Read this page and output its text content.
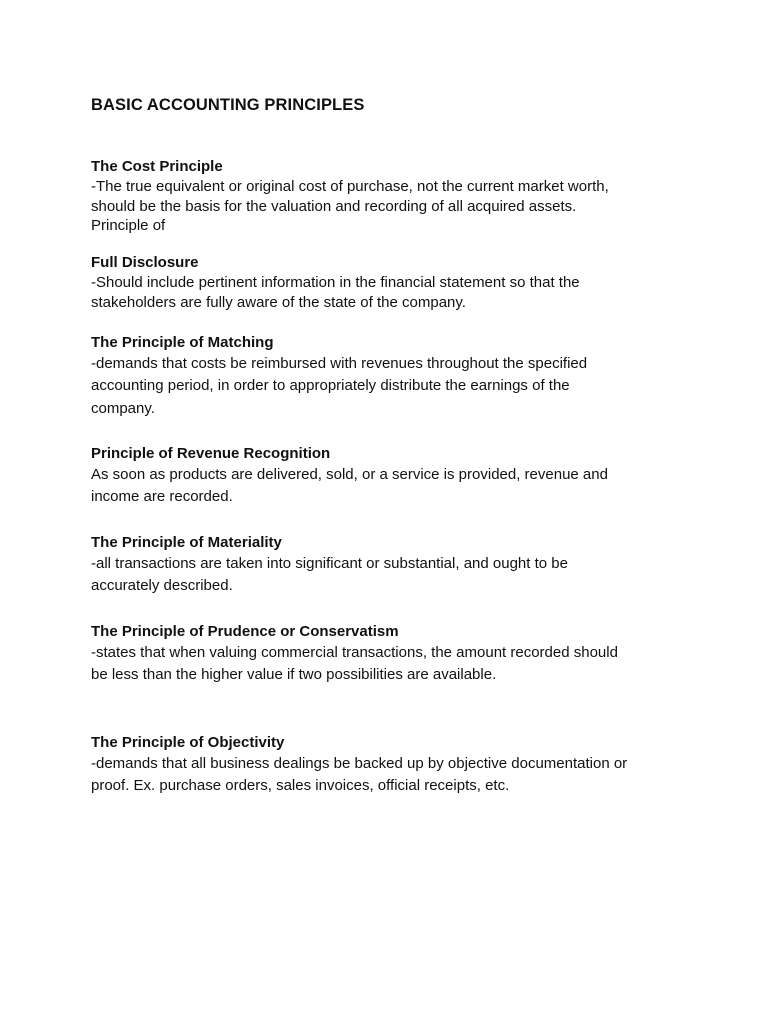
BASIC ACCOUNTING PRINCIPLES
The Cost Principle

-The true equivalent or original cost of purchase, not the current market worth,
should be the basis for the valuation and recording of all acquired assets.
Principle of

Full Disclosure

-Should include pertinent information in the financial statement so that the
stakeholders are fully aware of the state of the company.

The Principle of Matching

-demands that costs be reimbursed with revenues throughout the specified
accounting period, in order to appropriately distribute the earnings of the
company.

Principle of Revenue Recognition

As soon as products are delivered, sold, or a service is provided, revenue and
income are recorded.

The Principle of Materiality

-all transactions are taken into significant or substantial, and ought to be
accurately described.

The Principle of Prudence or Conservatism

-states that when valuing commercial transactions, the amount recorded should
be less than the higher value if two possibilities are available.

The Principle of Objectivity

-demands that all business dealings be backed up by objective documentation or
proof. Ex. purchase orders, sales invoices, official receipts, etc.
